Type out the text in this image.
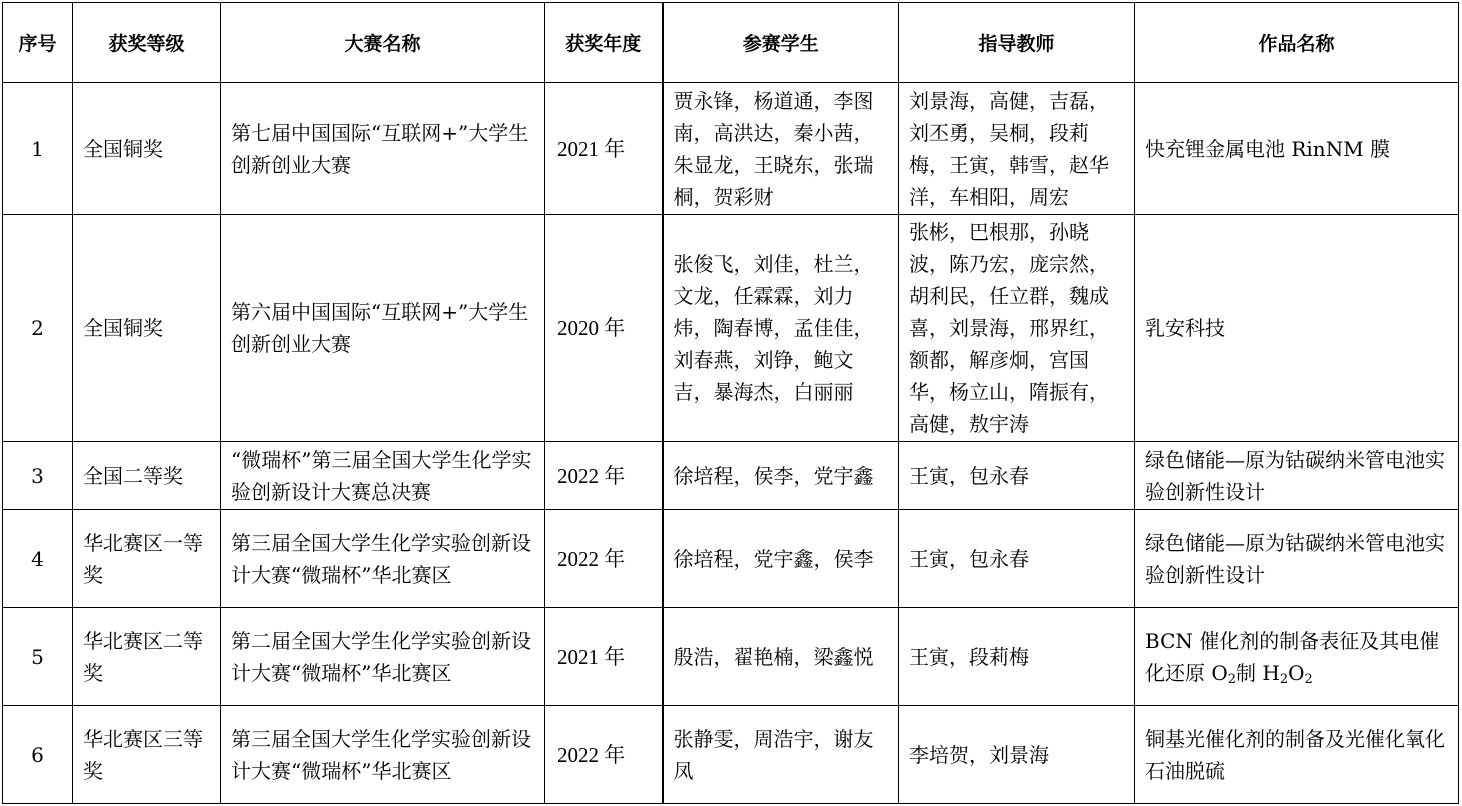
序号	获奖等级	大赛名称	获奖年度	参赛学生	指导教师	作品名称
1	全国铜奖	第七届中国国际“互联网+”大学生创新创业大赛	2021 年	贾永锋，杨道通，李图南，高洪达，秦小茜，朱显龙，王晓东，张瑞桐，贺彩财	刘景海，高健，吉磊，刘丕勇，吴桐，段莉梅，王寅，韩雪，赵华洋，车相阳，周宏	快充锂金属电池 RinNM 膜
2	全国铜奖	第六届中国国际“互联网+”大学生创新创业大赛	2020 年	张俊飞，刘佳，杜兰，文龙，任霖霖，刘力炜，陶春博，孟佳佳，刘春燕，刘铮，鲍文吉，暴海杰，白丽丽	张彬，巴根那，孙晓波，陈乃宏，庞宗然，胡利民，任立群，魏成喜，刘景海，邢界红，额都，解彦炯，宫国华，杨立山，隋振有，高健，敖宇涛	乳安科技
3	全国二等奖	“微瑞杯”第三届全国大学生化学实验创新设计大赛总决赛	2022 年	徐培程，侯李，党宇鑫	王寅，包永春	绿色储能—原为钴碳纳米管电池实验创新性设计
4	华北赛区一等奖	第三届全国大学生化学实验创新设计大赛“微瑞杯”华北赛区	2022 年	徐培程，党宇鑫，侯李	王寅，包永春	绿色储能—原为钴碳纳米管电池实验创新性设计
5	华北赛区二等奖	第二届全国大学生化学实验创新设计大赛“微瑞杯”华北赛区	2021 年	殷浩，翟艳楠，梁鑫悦	王寅，段莉梅	BCN 催化剂的制备表征及其电催化还原 $O_2$制 $H_2O_2$
6	华北赛区三等奖	第三届全国大学生化学实验创新设计大赛“微瑞杯”华北赛区	2022 年	张静雯，周浩宇，谢友凤	李培贺，刘景海	铜基光催化剂的制备及光催化氧化石油脱硫
